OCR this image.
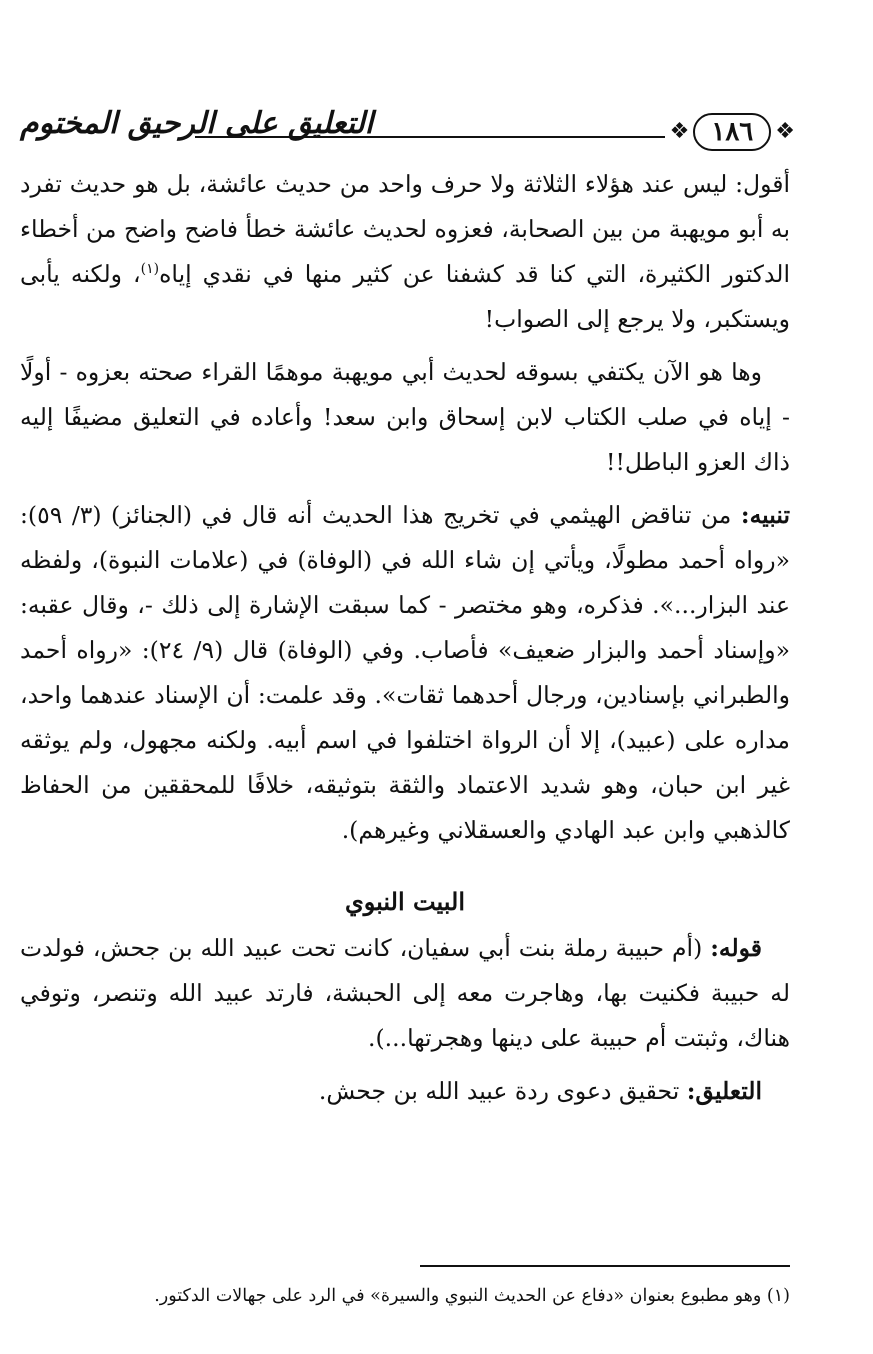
❖ ١٨٦	❖
التعليق على الرحيق المختوم

أقول: ليس عند هؤلاء الثلاثة ولا حرف واحد من حديث عائشة، بل هو حديث تفرد به أبو مويهبة من بين الصحابة، فعزوه لحديث عائشة خطأ فاضح واضح من أخطاء الدكتور الكثيرة، التي كنا قد كشفنا عن كثير منها في نقدي إياه$^{(١)}$، ولكنه يأبى ويستكبر، ولا يرجع إلى الصواب!

وها هو الآن يكتفي بسوقه لحديث أبي مويهبة موهمًا القراء صحته بعزوه - أولًا - إياه في صلب الكتاب لابن إسحاق وابن سعد! وأعاده في التعليق مضيفًا إليه ذاك العزو الباطل!!

تنبيه: من تناقض الهيثمي في تخريج هذا الحديث أنه قال في (الجنائز) (٣/ ٥٩): «رواه أحمد مطولًا، ويأتي إن شاء الله في (الوفاة) في (علامات النبوة)، ولفظه عند البزار...». فذكره، وهو مختصر - كما سبقت الإشارة إلى ذلك -، وقال عقبه: «وإسناد أحمد والبزار ضعيف» فأصاب. وفي (الوفاة) قال (٩/ ٢٤): «رواه أحمد والطبراني بإسنادين، ورجال أحدهما ثقات». وقد علمت: أن الإسناد عندهما واحد، مداره على (عبيد)، إلا أن الرواة اختلفوا في اسم أبيه. ولكنه مجهول، ولم يوثقه غير ابن حبان، وهو شديد الاعتماد والثقة بتوثيقه، خلافًا للمحققين من الحفاظ كالذهبي وابن عبد الهادي والعسقلاني وغيرهم).

البيت النبوي

قوله: (أم حبيبة رملة بنت أبي سفيان، كانت تحت عبيد الله بن جحش، فولدت له حبيبة فكنيت بها، وهاجرت معه إلى الحبشة، فارتد عبيد الله وتنصر، وتوفي هناك، وثبتت أم حبيبة على دينها وهجرتها...).

التعليق: تحقيق دعوى ردة عبيد الله بن جحش.

(١) وهو مطبوع بعنوان «دفاع عن الحديث النبوي والسيرة» في الرد على جهالات الدكتور.
